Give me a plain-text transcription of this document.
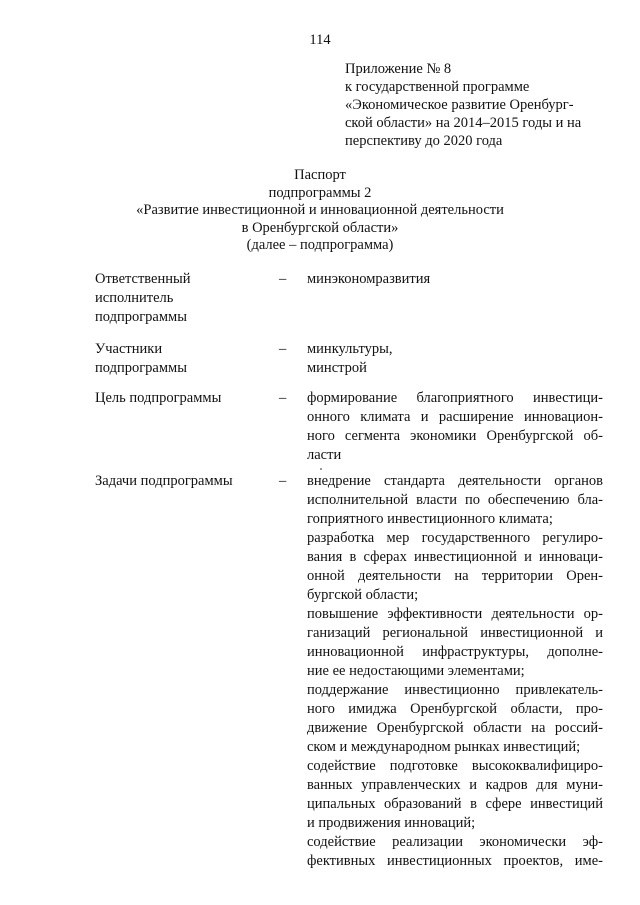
114
Приложение № 8
к государственной программе
«Экономическое развитие Оренбург-
ской области» на 2014–2015 годы и на
перспективу до 2020 года
Паспорт
подпрограммы 2
«Развитие инвестиционной и инновационной деятельности
в Оренбургской области»
(далее – подпрограмма)
Ответственный
исполнитель
подпрограммы
– минэкономразвития
Участники
подпрограммы
– минкультуры,
минстрой
Цель подпрограммы	– формирование благоприятного инвестици-
онного климата и расширение инновацион-
ного сегмента экономики Оренбургской об-
ласти
Задачи подпрограммы	– внедрение стандарта деятельности органов
исполнительной власти по обеспечению бла-
гоприятного инвестиционного климата;
разработка мер государственного регулиро-
вания в сферах инвестиционной и инноваци-
онной деятельности на территории Орен-
бургской области;
повышение эффективности деятельности ор-
ганизаций региональной инвестиционной и
инновационной инфраструктуры, дополне-
ние ее недостающими элементами;
поддержание инвестиционно привлекатель-
ного имиджа Оренбургской области, про-
движение Оренбургской области на россий-
ском и международном рынках инвестиций;
содействие подготовке высококвалифициро-
ванных управленческих и кадров для муни-
ципальных образований в сфере инвестиций
и продвижения инноваций;
содействие реализации экономически эф-
фективных инвестиционных проектов, име-
